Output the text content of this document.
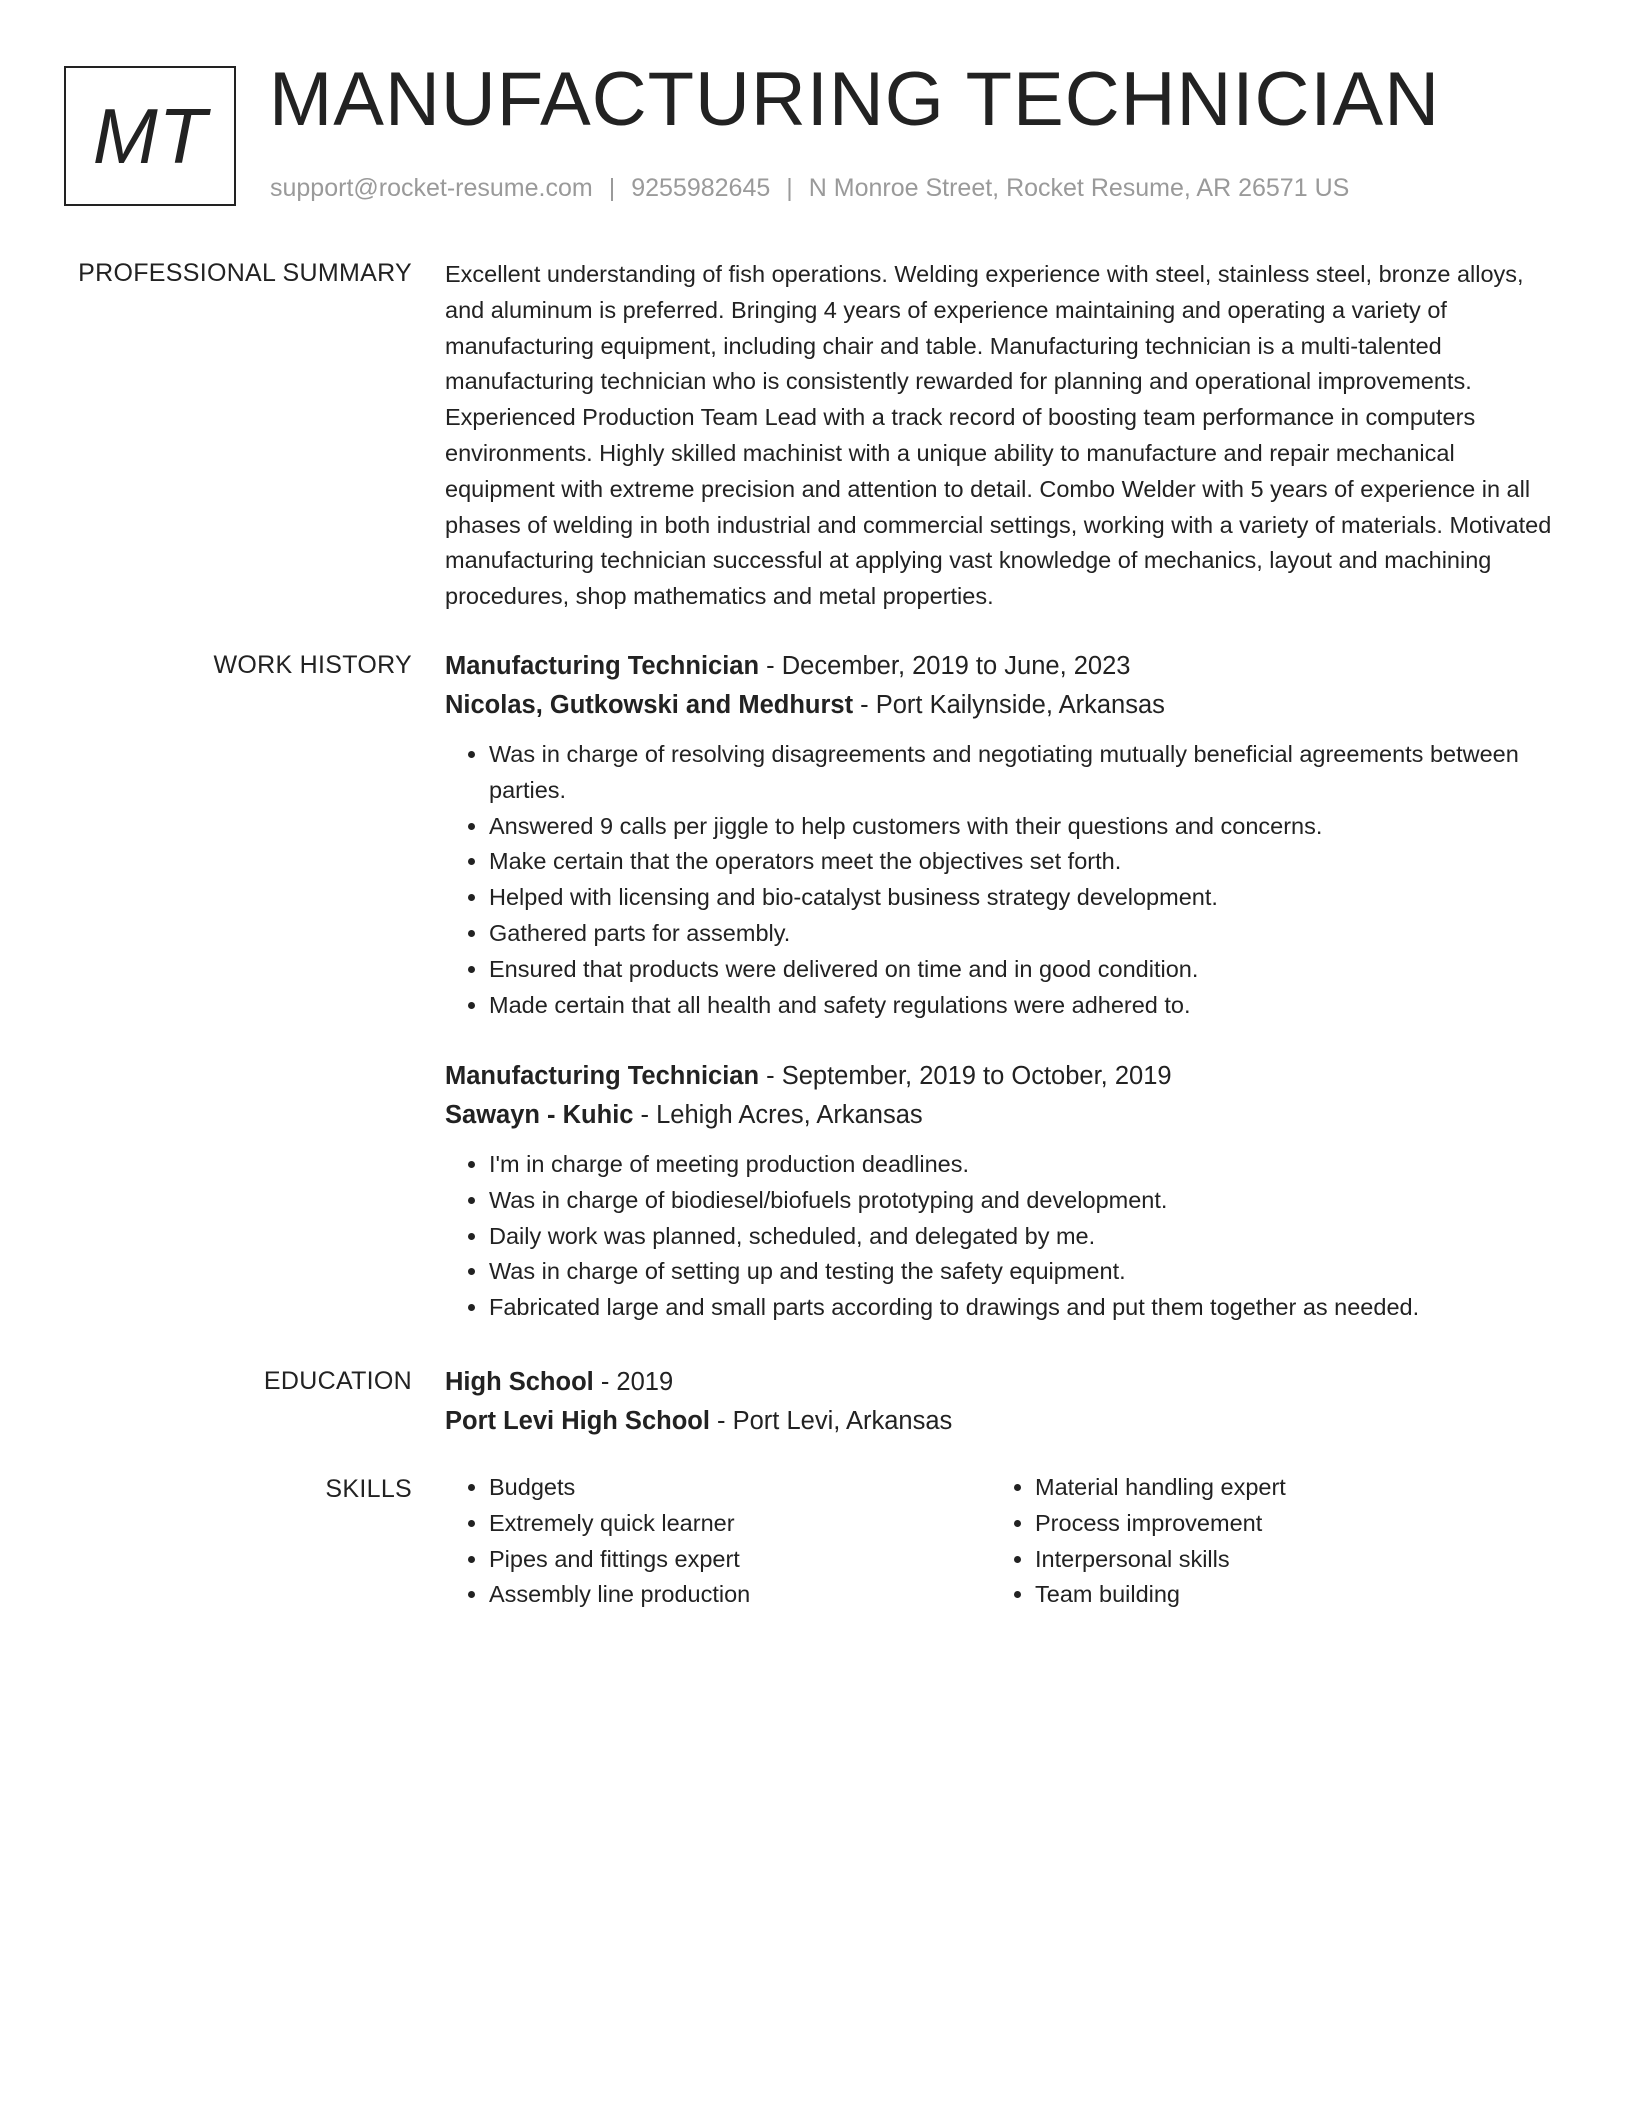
MT MANUFACTURING TECHNICIAN
support@rocket-resume.com | 9255982645 | N Monroe Street, Rocket Resume, AR 26571 US
PROFESSIONAL SUMMARY Excellent understanding of fish operations. Welding experience with steel, stainless steel, bronze alloys, and aluminum is preferred. Bringing 4 years of experience maintaining and operating a variety of manufacturing equipment, including chair and table. Manufacturing technician is a multi-talented manufacturing technician who is consistently rewarded for planning and operational improvements. Experienced Production Team Lead with a track record of boosting team performance in computers environments. Highly skilled machinist with a unique ability to manufacture and repair mechanical equipment with extreme precision and attention to detail. Combo Welder with 5 years of experience in all phases of welding in both industrial and commercial settings, working with a variety of materials. Motivated manufacturing technician successful at applying vast knowledge of mechanics, layout and machining procedures, shop mathematics and metal properties.

WORK HISTORY Manufacturing Technician - December, 2019 to June, 2023
Nicolas, Gutkowski and Medhurst - Port Kailynside, Arkansas
• Was in charge of resolving disagreements and negotiating mutually beneficial agreements between parties.
• Answered 9 calls per jiggle to help customers with their questions and concerns.
• Make certain that the operators meet the objectives set forth.
• Helped with licensing and bio-catalyst business strategy development.
• Gathered parts for assembly.
• Ensured that products were delivered on time and in good condition.
• Made certain that all health and safety regulations were adhered to.
Manufacturing Technician - September, 2019 to October, 2019
Sawayn - Kuhic - Lehigh Acres, Arkansas
• I'm in charge of meeting production deadlines.
• Was in charge of biodiesel/biofuels prototyping and development.
• Daily work was planned, scheduled, and delegated by me.
• Was in charge of setting up and testing the safety equipment.
• Fabricated large and small parts according to drawings and put them together as needed.
EDUCATION High School - 2019
Port Levi High School - Port Levi, Arkansas
SKILLS
•	Budgets
• Extremely quick learner
• Pipes and fittings expert
• Assembly line production
• Material handling expert
• Process improvement
• Interpersonal skills
• Team building
